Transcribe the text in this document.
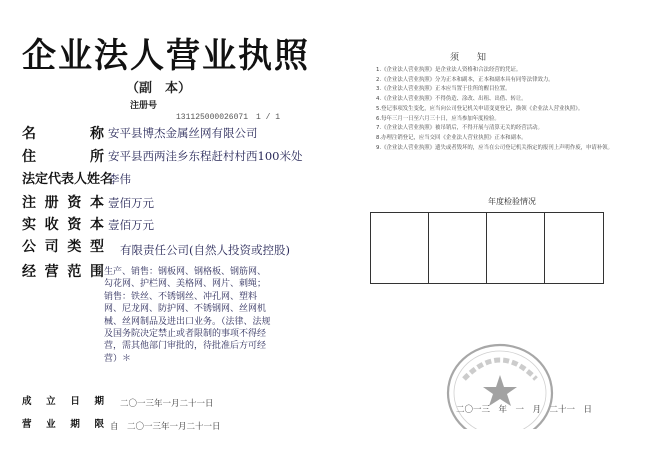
企业法人营业执照
（副　本）
注册号
131125000026071　1 / 1
名	称 安平县博杰金属丝网有限公司
住	所 安平县西两洼乡东程赶村村西100米处
法定代表人姓名
李伟
注 册 资 本 壹佰万元
实 收 资 本 壹佰万元
公 司 类 型 有限责任公司(自然人投资或控股)
经 营 范 围 生产、销售：钢板网、钢格板、钢筋网、勾花网、护栏网、美格网、网片、刺绳；销售：铁丝、不锈钢丝、冲孔网、塑料网、尼龙网、防护网、不锈钢网、丝网机械、丝网制品及进出口业务。（法律、法规及国务院决定禁止或者限制的事项不得经营，需其他部门审批的，待批准后方可经营）＊
成 立 日 期 二〇一三年一月二十一日
营 业 期 限 自　二〇一三年一月二十一日
须　　知
1.《企业法人营业执照》是企业法人资格和合法经营的凭证。
2.《企业法人营业执照》分为正本和副本，正本和副本具有同等法律效力。
3.《企业法人营业执照》正本应当置于住所的醒目位置。
4.《企业法人营业执照》不得伪造、涂改、出租、出借、转让。
5.登记事项发生变化，应当向公司登记机关申请变更登记，换领《企业法人营业执照》。
6.每年三月一日至六月三十日，应当参加年度检验。
7.《企业法人营业执照》被吊销后，不得开展与清算无关的经营活动。
8.办理注销登记，应当交回《企业法人营业执照》正本和副本。
9.《企业法人营业执照》遗失或者毁坏的，应当在公司登记机关指定的报刊上声明作废，申请补领。
年度检验情况
二〇一三　年　一　月　二十一　日
